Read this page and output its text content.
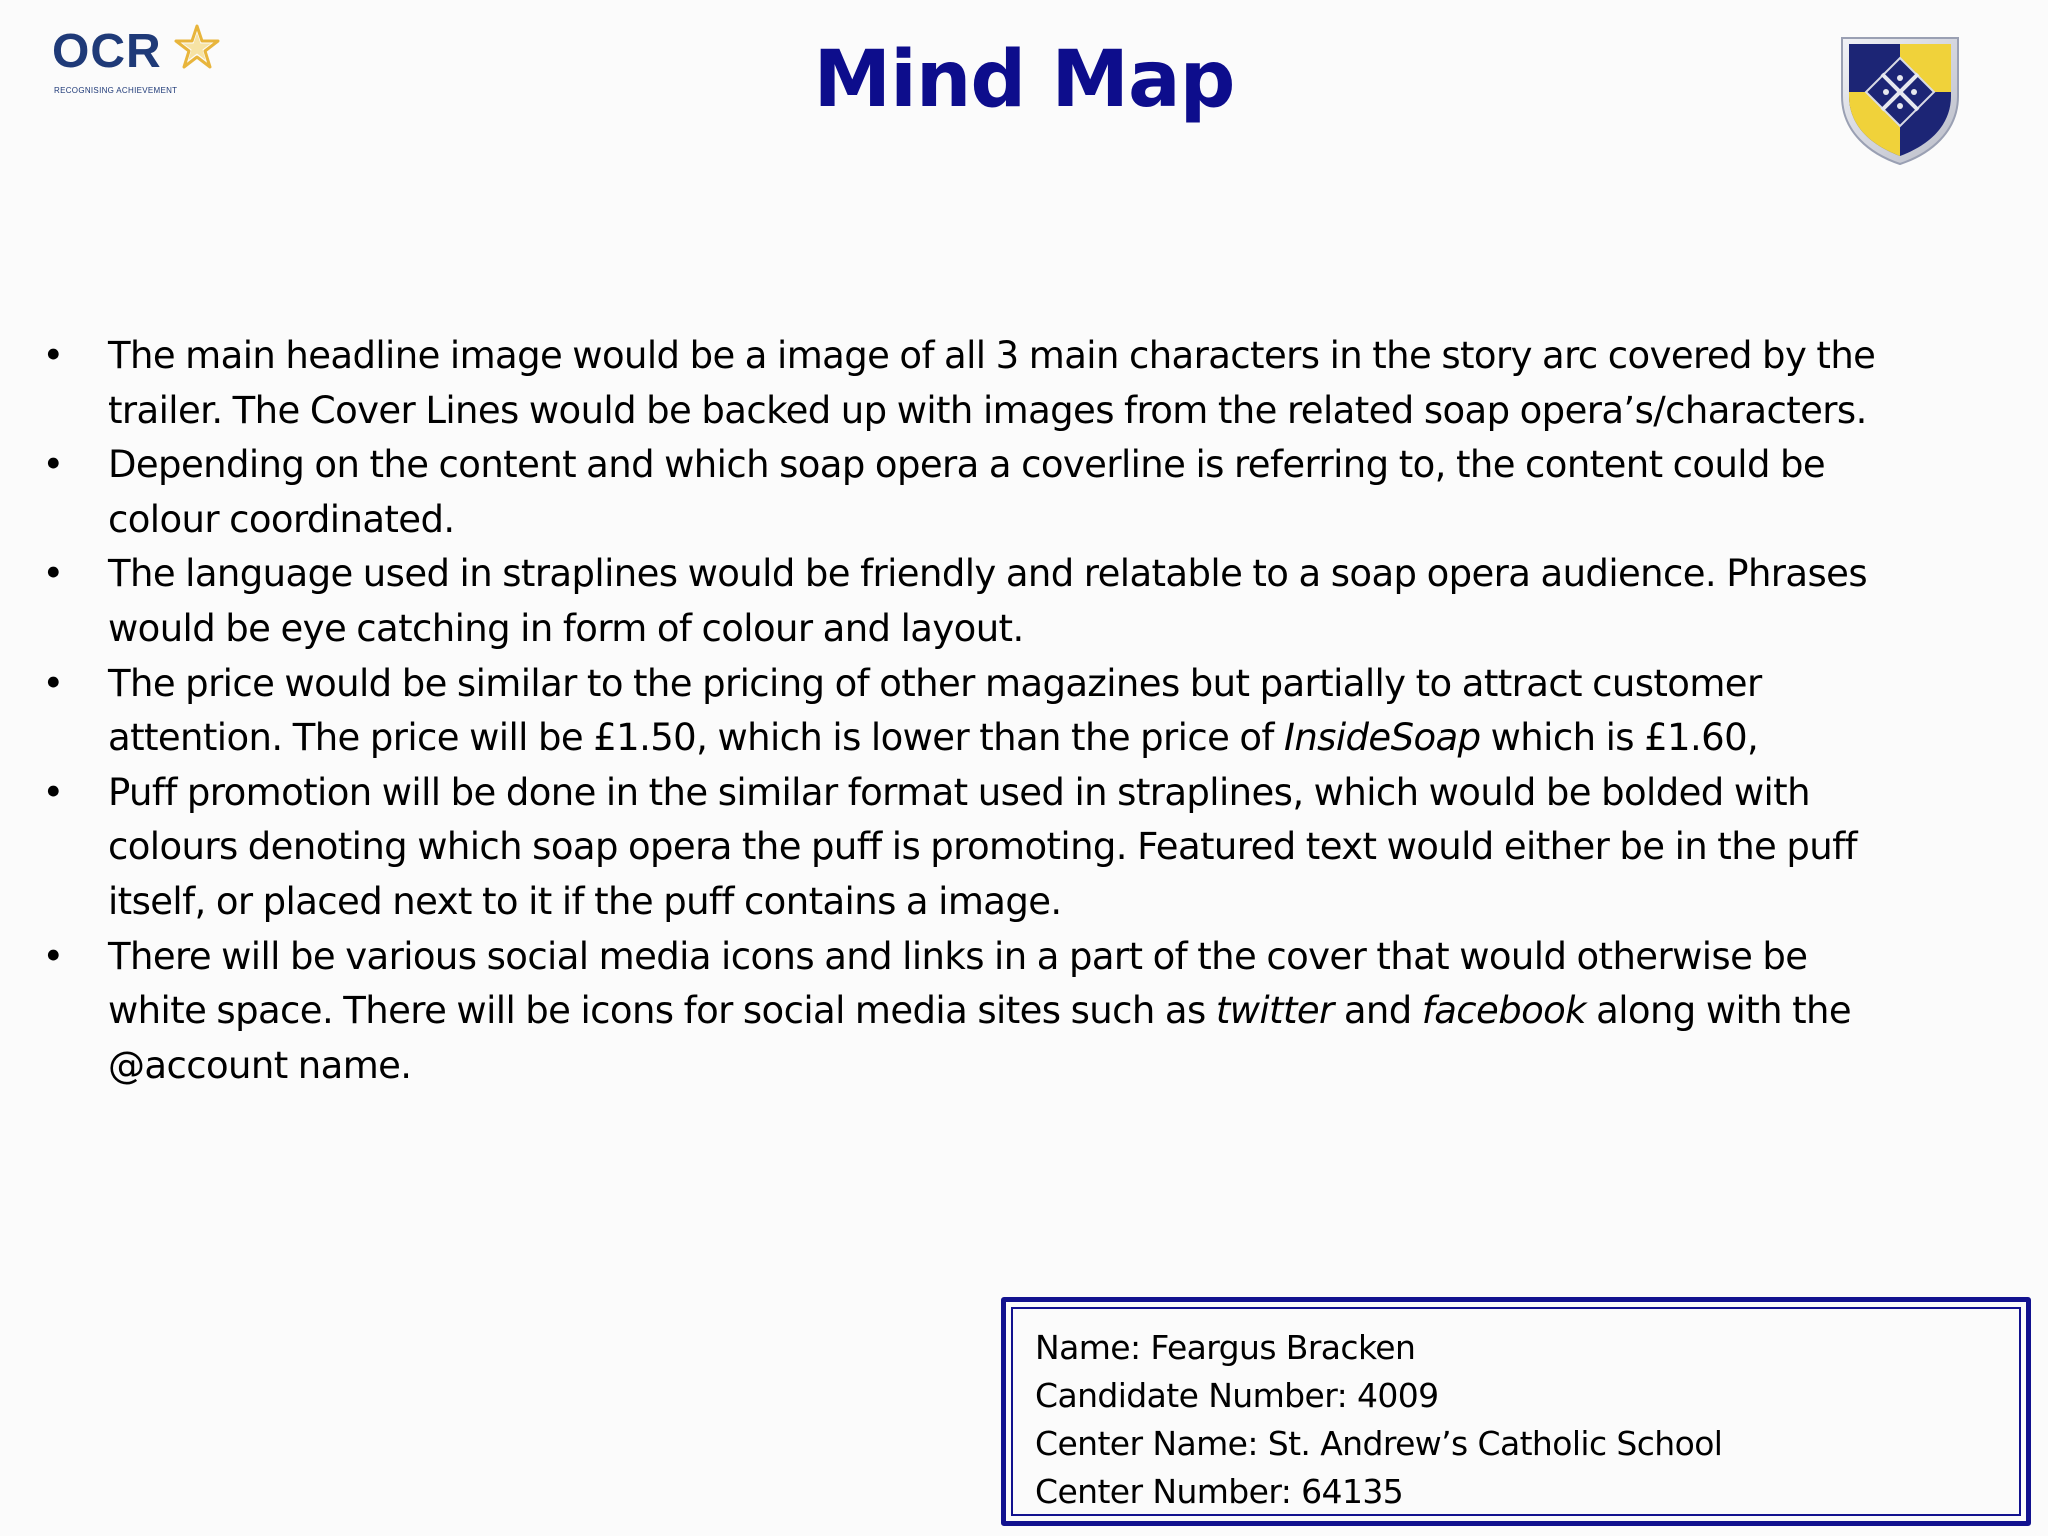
OCR
RECOGNISING ACHIEVEMENT	Mind Map
• The main headline image would be a image of all 3 main characters in the story arc covered by the
trailer. The Cover Lines would be backed up with images from the related soap opera’s/characters.
• Depending on the content and which soap opera a coverline is referring to, the content could be
colour coordinated.
• The language used in straplines would be friendly and relatable to a soap opera audience. Phrases
would be eye catching in form of colour and layout.
• The price would be similar to the pricing of other magazines but partially to attract customer
attention. The price will be £1.50, which is lower than the price of InsideSoap which is £1.60,
• Puff promotion will be done in the similar format used in straplines, which would be bolded with
colours denoting which soap opera the puff is promoting. Featured text would either be in the puff
itself, or placed next to it if the puff contains a image.
• There will be various social media icons and links in a part of the cover that would otherwise be
white space. There will be icons for social media sites such as twitter and facebook along with the
@account name.
Name: Feargus Bracken
Candidate Number: 4009
Center Name: St. Andrew’s Catholic School
Center Number: 64135
